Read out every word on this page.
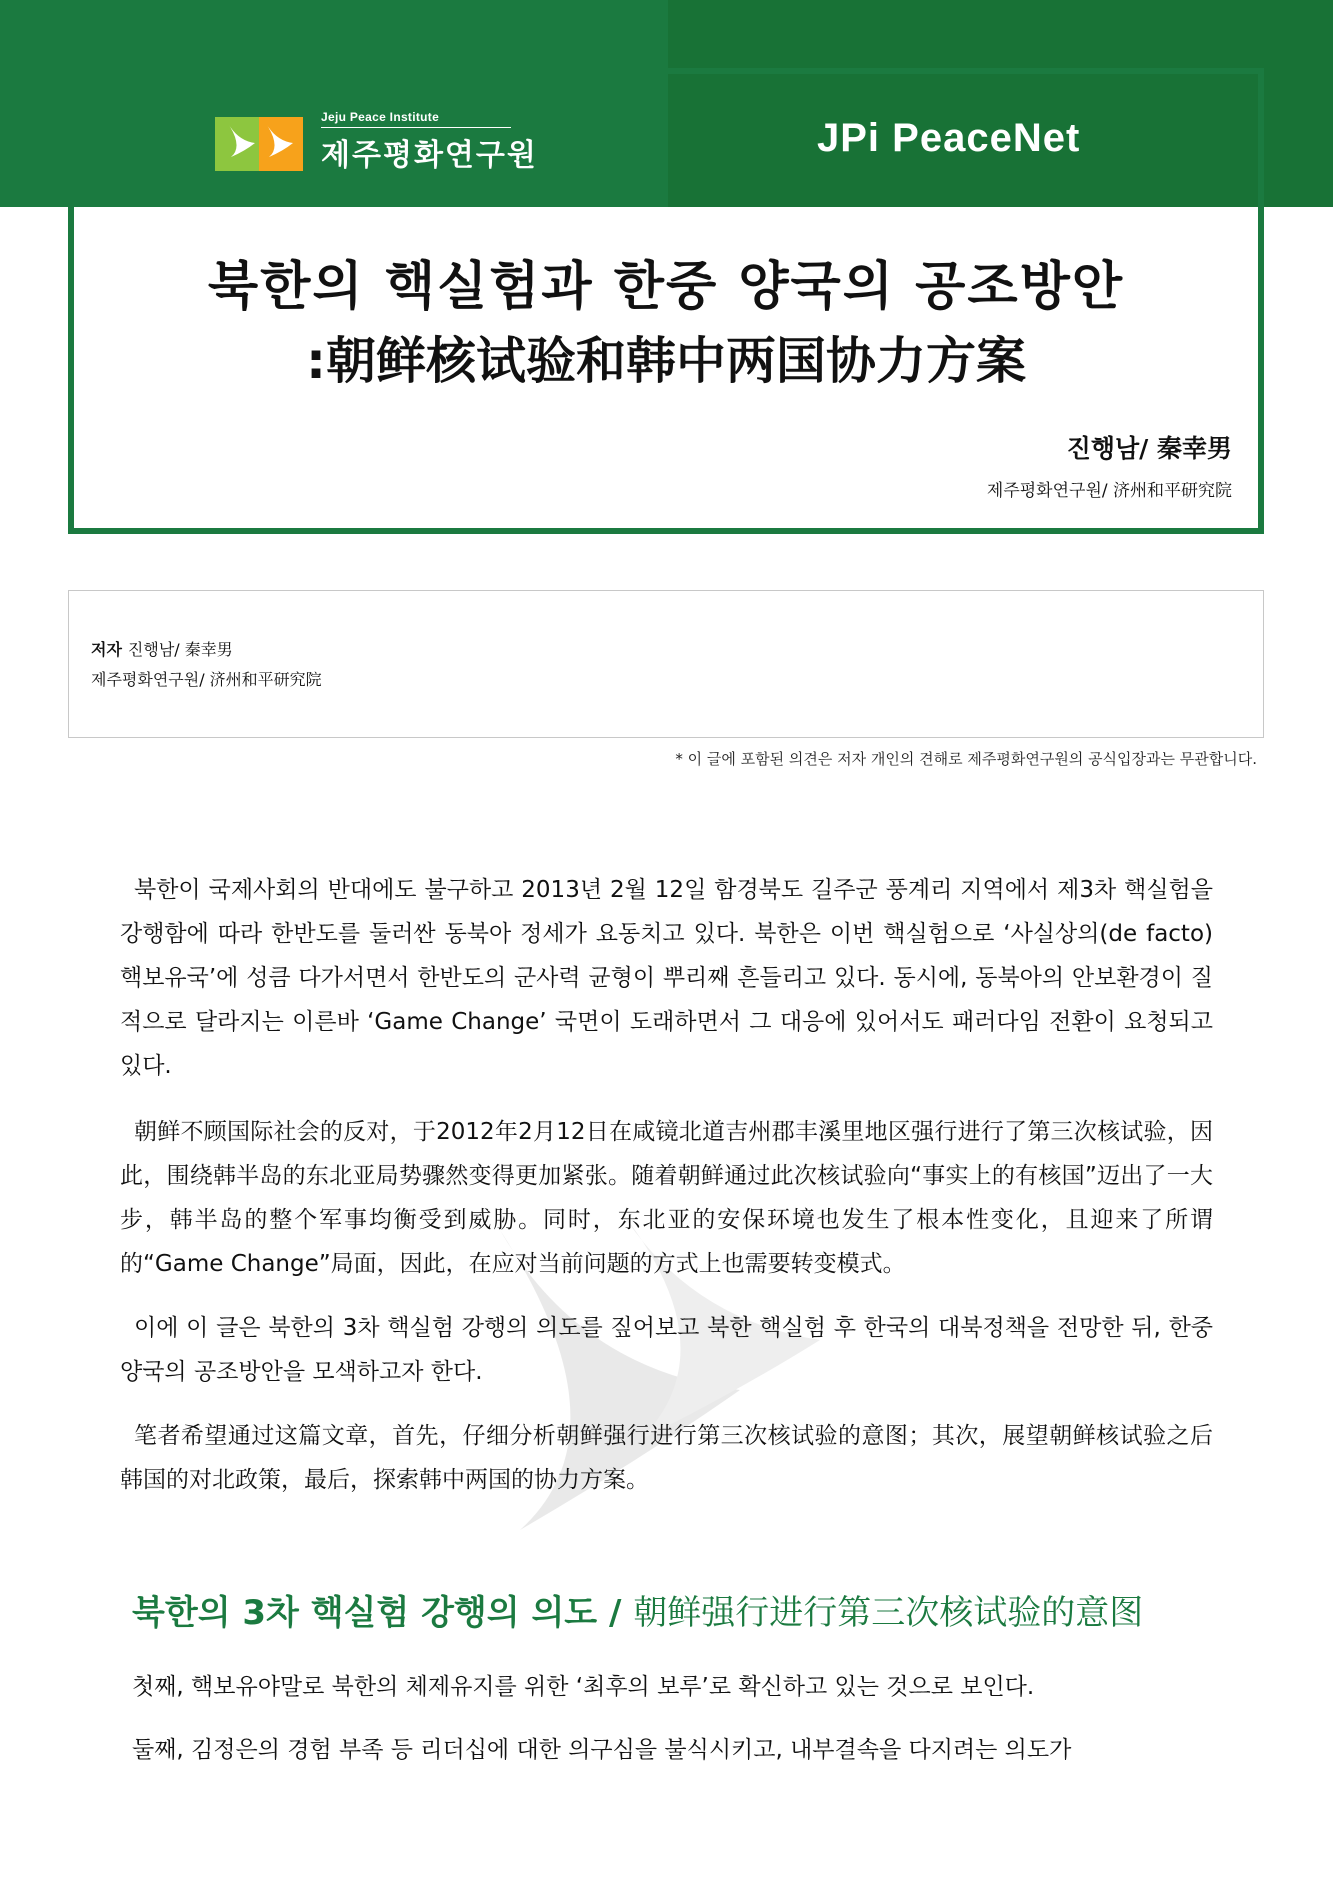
Jeju Peace Institute
제주평화연구원	JPi PeaceNet
북한의 핵실험과 한중 양국의 공조방안
:朝鲜核试验和韩中两国协力方案
진행남/ 秦幸男
제주평화연구원/ 济州和平研究院
저자 진행남/ 秦幸男
제주평화연구원/ 济州和平研究院
* 이 글에 포함된 의견은 저자 개인의 견해로 제주평화연구원의 공식입장과는 무관합니다.
북한이 국제사회의 반대에도 불구하고 2013년 2월 12일 함경북도 길주군 풍계리 지역에서 제3차 핵실험을 강행함에 따라 한반도를 둘러싼 동북아 정세가 요동치고 있다. 북한은 이번 핵실험으로 ‘사실상의(de facto) 핵보유국’에 성큼 다가서면서 한반도의 군사력 균형이 뿌리째 흔들리고 있다. 동시에, 동북아의 안보환경이 질적으로 달라지는 이른바 ‘Game Change’ 국면이 도래하면서 그 대응에 있어서도 패러다임 전환이 요청되고 있다.
朝鲜不顾国际社会的反对，于2012年2月12日在咸镜北道吉州郡丰溪里地区强行进行了第三次核试验，因此，围绕韩半岛的东北亚局势骤然变得更加紧张。随着朝鲜通过此次核试验向“事实上的有核国”迈出了一大步，韩半岛的整个军事均衡受到威胁。同时，东北亚的安保环境也发生了根本性变化，且迎来了所谓的“Game Change”局面，因此，在应对当前问题的方式上也需要转变模式。
이에 이 글은 북한의 3차 핵실험 강행의 의도를 짚어보고 북한 핵실험 후 한국의 대북정책을 전망한 뒤, 한중 양국의 공조방안을 모색하고자 한다.
笔者希望通过这篇文章，首先，仔细分析朝鲜强行进行第三次核试验的意图；其次，展望朝鲜核试验之后韩国的对北政策，最后，探索韩中两国的协力方案。
북한의 3차 핵실험 강행의 의도 / 朝鲜强行进行第三次核试验的意图
첫째, 핵보유야말로 북한의 체제유지를 위한 ‘최후의 보루’로 확신하고 있는 것으로 보인다.
둘째, 김정은의 경험 부족 등 리더십에 대한 의구심을 불식시키고, 내부결속을 다지려는 의도가
